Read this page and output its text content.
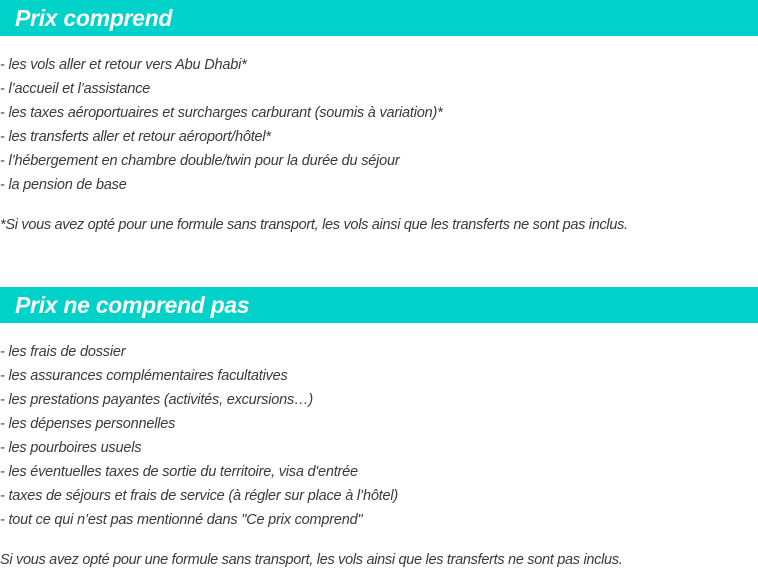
Prix comprend
- les vols aller et retour vers Abu Dhabi*
- l’accueil et l’assistance
- les taxes aéroportuaires et surcharges carburant (soumis à variation)*
- les transferts aller et retour aéroport/hôtel*
- l’hébergement en chambre double/twin pour la durée du séjour
- la pension de base
*Si vous avez opté pour une formule sans transport, les vols ainsi que les transferts ne sont pas inclus.
Prix ne comprend pas
- les frais de dossier
- les assurances complémentaires facultatives
- les prestations payantes (activités, excursions…)
- les dépenses personnelles
- les pourboires usuels
- les éventuelles taxes de sortie du territoire, visa d'entrée
- taxes de séjours et frais de service (à régler sur place à l’hôtel)
- tout ce qui n’est pas mentionné dans "Ce prix comprend"
Si vous avez opté pour une formule sans transport, les vols ainsi que les transferts ne sont pas inclus.
